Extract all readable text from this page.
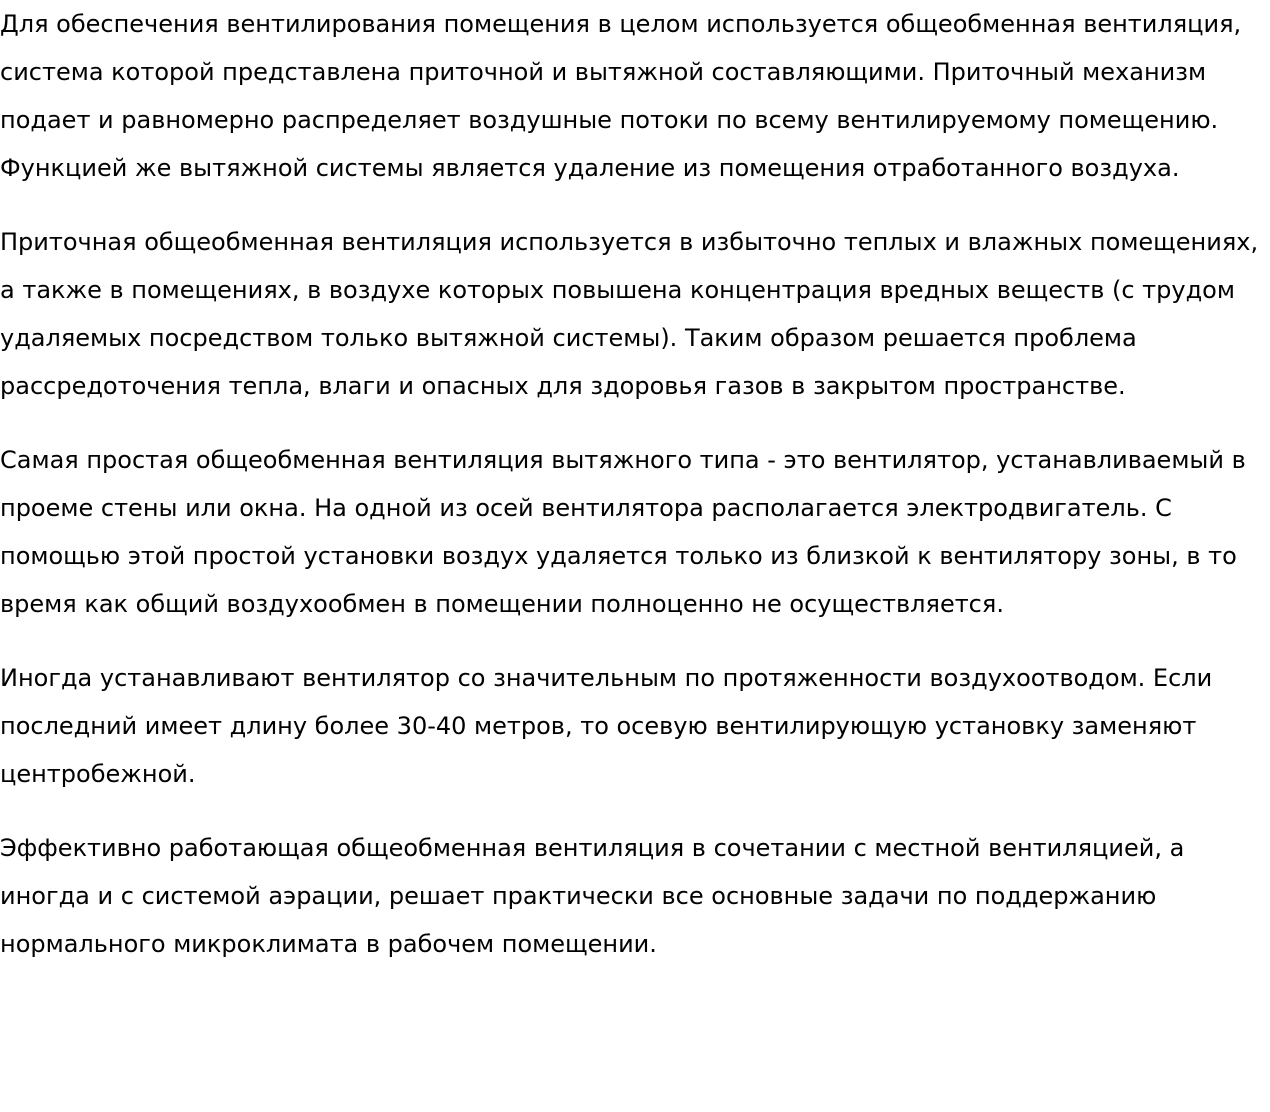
Для обеспечения вентилирования помещения в целом используется общеобменная вентиляция, система которой представлена приточной и вытяжной составляющими. Приточный механизм подает и равномерно распределяет воздушные потоки по всему вентилируемому помещению. Функцией же вытяжной системы является удаление из помещения отработанного воздуха.

Приточная общеобменная вентиляция используется в избыточно теплых и влажных помещениях, а также в помещениях, в воздухе которых повышена концентрация вредных веществ (с трудом удаляемых посредством только вытяжной системы). Таким образом решается проблема рассредоточения тепла, влаги и опасных для здоровья газов в закрытом пространстве.

Самая простая общеобменная вентиляция вытяжного типа - это вентилятор, устанавливаемый в проеме стены или окна. На одной из осей вентилятора располагается электродвигатель. С помощью этой простой установки воздух удаляется только из близкой к вентилятору зоны, в то время как общий воздухообмен в помещении полноценно не осуществляется.

Иногда устанавливают вентилятор со значительным по протяженности воздухоотводом. Если последний имеет длину более 30-40 метров, то осевую вентилирующую установку заменяют центробежной.

Эффективно работающая общеобменная вентиляция в сочетании с местной вентиляцией, а иногда и с системой аэрации, решает практически все основные задачи по поддержанию нормального микроклимата в рабочем помещении.
